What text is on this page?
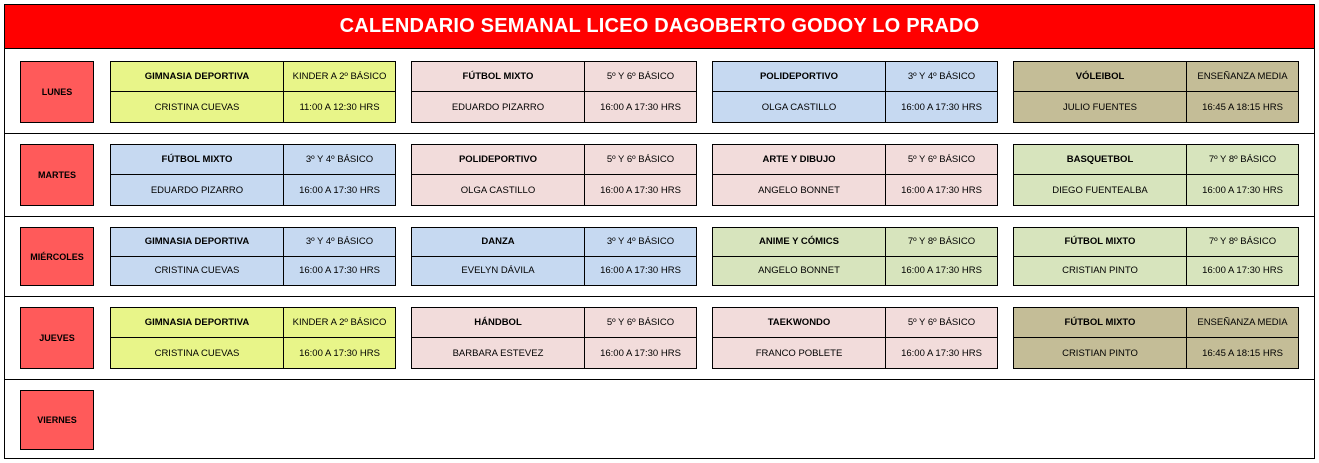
CALENDARIO SEMANAL LICEO DAGOBERTO GODOY LO PRADO
LUNES
GIMNASIA DEPORTIVA	KINDER A 2º BÁSICO
CRISTINA CUEVAS	11:00 A 12:30 HRS
FÚTBOL MIXTO	5º Y 6º BÁSICO
EDUARDO PIZARRO	16:00 A 17:30 HRS
POLIDEPORTIVO	3º Y 4º BÁSICO
OLGA CASTILLO	16:00 A 17:30 HRS
VÓLEIBOL	ENSEÑANZA MEDIA
JULIO FUENTES	16:45 A 18:15 HRS
MARTES
FÚTBOL MIXTO	3º Y 4º BÁSICO
EDUARDO PIZARRO	16:00 A 17:30 HRS
POLIDEPORTIVO	5º Y 6º BÁSICO
OLGA CASTILLO	16:00 A 17:30 HRS
ARTE Y DIBUJO	5º Y 6º BÁSICO
ANGELO BONNET	16:00 A 17:30 HRS
BASQUETBOL	7º Y 8º BÁSICO
DIEGO FUENTEALBA	16:00 A 17:30 HRS
MIÉRCOLES
GIMNASIA DEPORTIVA	3º Y 4º BÁSICO
CRISTINA CUEVAS	16:00 A 17:30 HRS
DANZA	3º Y 4º BÁSICO
EVELYN DÁVILA	16:00 A 17:30 HRS
ANIME Y CÓMICS	7º Y 8º BÁSICO
ANGELO BONNET	16:00 A 17:30 HRS
FÚTBOL MIXTO	7º Y 8º BÁSICO
CRISTIAN PINTO	16:00 A 17:30 HRS
JUEVES
GIMNASIA DEPORTIVA	KINDER A 2º BÁSICO
CRISTINA CUEVAS	16:00 A 17:30 HRS
HÁNDBOL	5º Y 6º BÁSICO
BARBARA ESTEVEZ	16:00 A 17:30 HRS
TAEKWONDO	5º Y 6º BÁSICO
FRANCO POBLETE	16:00 A 17:30 HRS
FÚTBOL MIXTO	ENSEÑANZA MEDIA
CRISTIAN PINTO	16:45 A 18:15 HRS
VIERNES
